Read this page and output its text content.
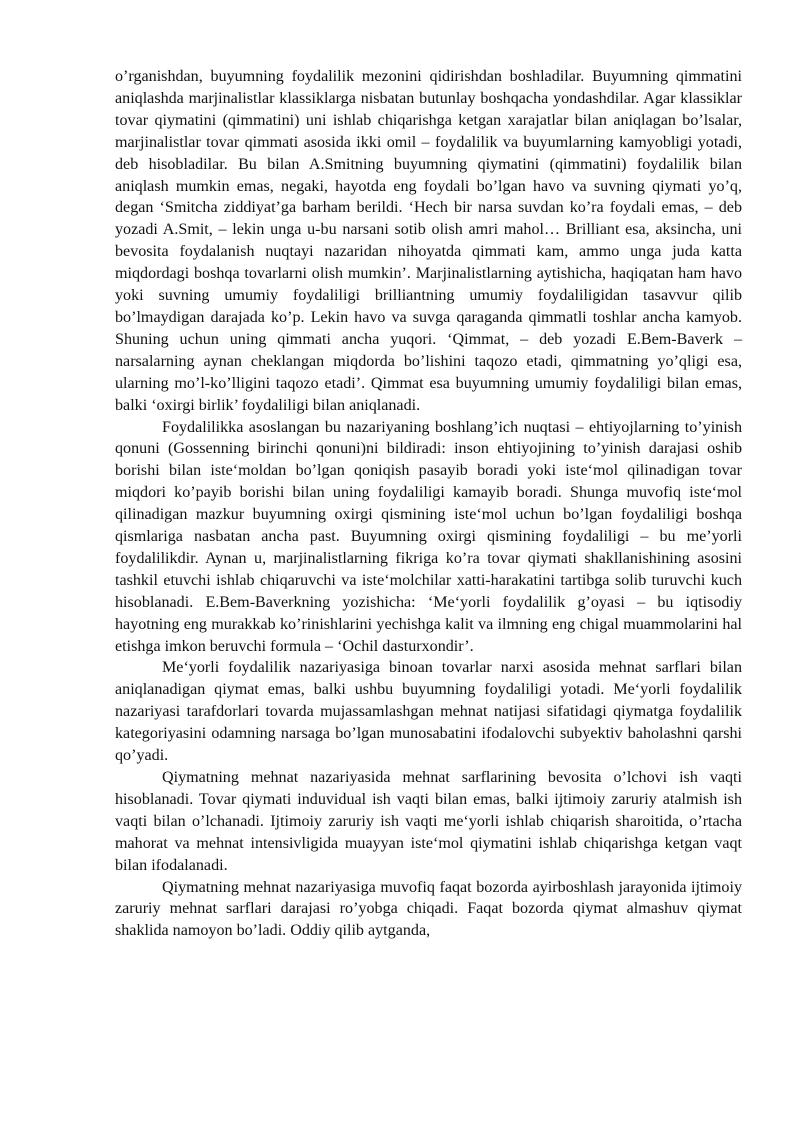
o’rganishdan, buyumning foydalilik mezonini qidirishdan boshladilar. Buyumning qimmatini aniqlashda marjinalistlar klassiklarga nisbatan butunlay boshqacha yondashdilar. Agar klassiklar tovar qiymatini (qimmatini) uni ishlab chiqarishga ketgan xarajatlar bilan aniqlagan bo’lsalar, marjinalistlar tovar qimmati asosida ikki omil – foydalilik va buyumlarning kamyobligi yotadi, deb hisobladilar. Bu bilan A.Smitning buyumning qiymatini (qimmatini) foydalilik bilan aniqlash mumkin emas, negaki, hayotda eng foydali bo’lgan havo va suvning qiymati yo’q, degan ‘Smitcha ziddiyat’ga barham berildi. ‘Hech bir narsa suvdan ko’ra foydali emas, – deb yozadi A.Smit, – lekin unga u-bu narsani sotib olish amri mahol… Brilliant esa, aksincha, uni bevosita foydalanish nuqtayi nazaridan nihoyatda qimmati kam, ammo unga juda katta miqdordagi boshqa tovarlarni olish mumkin’. Marjinalistlarning aytishicha, haqiqatan ham havo yoki suvning umumiy foydaliligi brilliantning umumiy foydaliligidan tasavvur qilib bo’lmaydigan darajada ko’p. Lekin havo va suvga qaraganda qimmatli toshlar ancha kamyob. Shuning uchun uning qimmati ancha yuqori. ‘Qimmat, – deb yozadi E.Bem-Baverk – narsalarning aynan cheklangan miqdorda bo’lishini taqozo etadi, qimmatning yo’qligi esa, ularning mo’l-ko’lligini taqozo etadi’. Qimmat esa buyumning umumiy foydaliligi bilan emas, balki ‘oxirgi birlik’ foydaliligi bilan aniqlanadi.

Foydalilikka asoslangan bu nazariyaning boshlang’ich nuqtasi – ehtiyojlarning to’yinish qonuni (Gossenning birinchi qonuni)ni bildiradi: inson ehtiyojining to’yinish darajasi oshib borishi bilan iste‘moldan bo’lgan qoniqish pasayib boradi yoki iste‘mol qilinadigan tovar miqdori ko’payib borishi bilan uning foydaliligi kamayib boradi. Shunga muvofiq iste‘mol qilinadigan mazkur buyumning oxirgi qismining iste‘mol uchun bo’lgan foydaliligi boshqa qismlariga nasbatan ancha past. Buyumning oxirgi qismining foydaliligi – bu me’yorli foydalilikdir. Aynan u, marjinalistlarning fikriga ko’ra tovar qiymati shakllanishining asosini tashkil etuvchi ishlab chiqaruvchi va iste‘molchilar xatti-harakatini tartibga solib turuvchi kuch hisoblanadi. E.Bem-Baverkning yozishicha: ‘Me‘yorli foydalilik g’oyasi – bu iqtisodiy hayotning eng murakkab ko’rinishlarini yechishga kalit va ilmning eng chigal muammolarini hal etishga imkon beruvchi formula – ‘Ochil dasturxondir’.

Me‘yorli foydalilik nazariyasiga binoan tovarlar narxi asosida mehnat sarflari bilan aniqlanadigan qiymat emas, balki ushbu buyumning foydaliligi yotadi. Me‘yorli foydalilik nazariyasi tarafdorlari tovarda mujassamlashgan mehnat natijasi sifatidagi qiymatga foydalilik kategoriyasini odamning narsaga bo’lgan munosabatini ifodalovchi subyektiv baholashni qarshi qo’yadi.

Qiymatning mehnat nazariyasida mehnat sarflarining bevosita o’lchovi ish vaqti hisoblanadi. Tovar qiymati induvidual ish vaqti bilan emas, balki ijtimoiy zaruriy atalmish ish vaqti bilan o’lchanadi. Ijtimoiy zaruriy ish vaqti me‘yorli ishlab chiqarish sharoitida, o’rtacha mahorat va mehnat intensivligida muayyan iste‘mol qiymatini ishlab chiqarishga ketgan vaqt bilan ifodalanadi.

Qiymatning mehnat nazariyasiga muvofiq faqat bozorda ayirboshlash jarayonida ijtimoiy zaruriy mehnat sarflari darajasi ro’yobga chiqadi. Faqat bozorda qiymat almashuv qiymat shaklida namoyon bo’ladi. Oddiy qilib aytganda,
